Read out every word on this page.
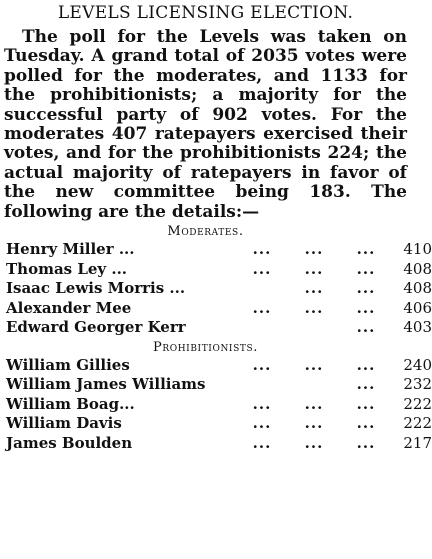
LEVELS LICENSING ELECTION.

The poll for the Levels was taken on Tuesday. A grand total of 2035 votes were polled for the moderates, and 1133 for the prohibitionists; a majority for the successful party of 902 votes. For the moderates 407 ratepayers exercised their votes, and for the prohibitionists 224; the actual majority of ratepayers in favor of the new committee being 183. The following are the details:—

Moderates.
Henry Miller ...	...	...	...	410
Thomas Ley ...	...	...	...	408
Isaac Lewis Morris ...		...	...	408
Alexander Mee	...	...	...	406
Edward Georger Kerr			...	403
Prohibitionists.
William Gillies	...	...	...	240
William James Williams			...	232
William Boag...	...	...	...	222
William Davis	...	...	...	222
James Boulden	...	...	...	217
